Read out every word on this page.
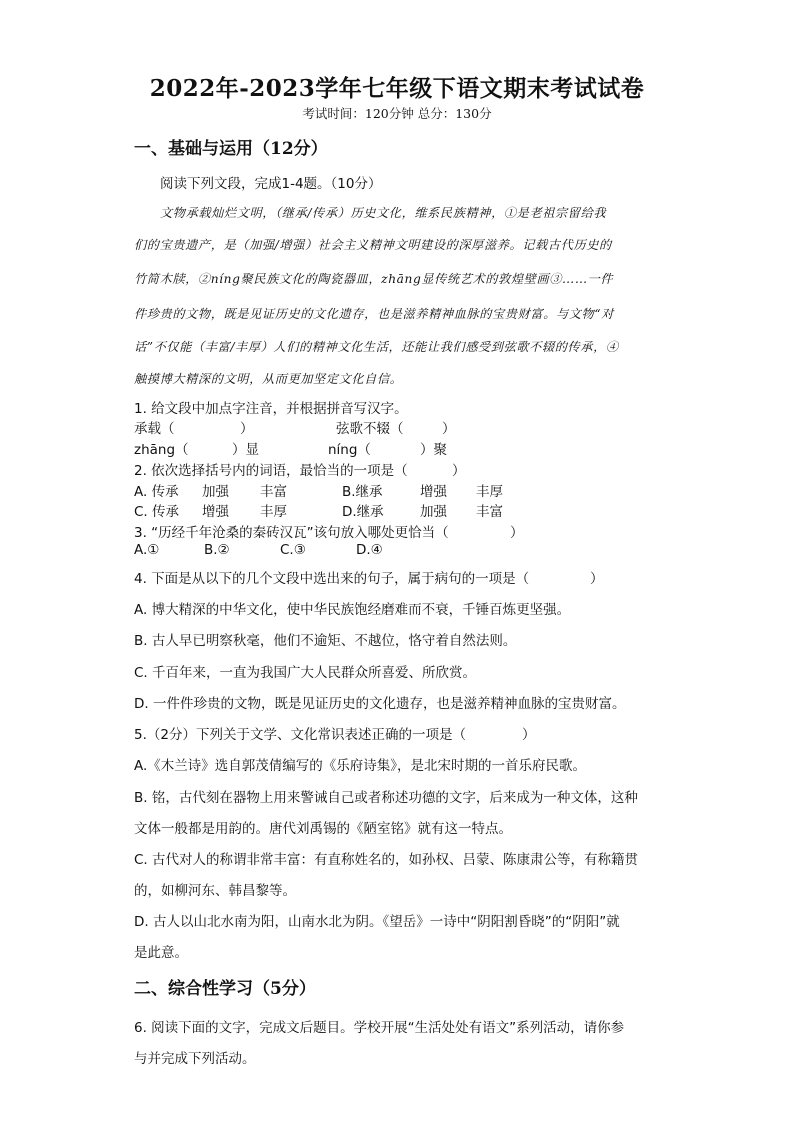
2022年-2023学年七年级下语文期末考试试卷
考试时间：120分钟 总分：130分
一、基础与运用（12分）
阅读下列文段，完成1-4题。（10分）
文物承载灿烂文明，（继承/传承）历史文化，维系民族精神，①是老祖宗留给我
们的宝贵遗产，是（加强/增强）社会主义精神文明建设的深厚滋养。记载古代历史的
竹简木牍，②níng聚民族文化的陶瓷器皿，zhāng显传统艺术的敦煌壁画③……一件
件珍贵的文物，既是见证历史的文化遗存，也是滋养精神血脉的宝贵财富。与文物“对
话”不仅能（丰富/丰厚）人们的精神文化生活，还能让我们感受到弦歌不辍的传承，④
触摸博大精深的文明，从而更加坚定文化自信。
1. 给文段中加点字注音，并根据拼音写汉字。
承载（	）	弦歌不辍（	）
zhāng（	）显	níng（	）聚
2. 依次选择括号内的词语，最恰当的一项是（	）
A. 传承 加强 丰富	B.继承	增强 丰厚
C. 传承 增强 丰厚	D.继承	加强 丰富
3. “历经千年沧桑的秦砖汉瓦”该句放入哪处更恰当（	）
A.①	B.②	C.③	D.④
4. 下面是从以下的几个文段中选出来的句子，属于病句的一项是（	）
A. 博大精深的中华文化，使中华民族饱经磨难而不衰，千锤百炼更坚强。
B. 古人早已明察秋毫，他们不逾矩、不越位，恪守着自然法则。
C. 千百年来，一直为我国广大人民群众所喜爱、所欣赏。
D. 一件件珍贵的文物，既是见证历史的文化遗存，也是滋养精神血脉的宝贵财富。
5.（2分）下列关于文学、文化常识表述正确的一项是（	）
A.《木兰诗》选自郭茂倩编写的《乐府诗集》，是北宋时期的一首乐府民歌。
B. 铭，古代刻在器物上用来警诫自己或者称述功德的文字，后来成为一种文体，这种
文体一般都是用韵的。唐代刘禹锡的《陋室铭》就有这一特点。
C. 古代对人的称谓非常丰富：有直称姓名的，如孙权、吕蒙、陈康肃公等，有称籍贯
的，如柳河东、韩昌黎等。
D. 古人以山北水南为阳，山南水北为阴。《望岳》一诗中“阴阳割昏晓”的“阴阳”就
是此意。
二、综合性学习（5分）
6. 阅读下面的文字，完成文后题目。学校开展“生活处处有语文”系列活动，请你参
与并完成下列活动。
